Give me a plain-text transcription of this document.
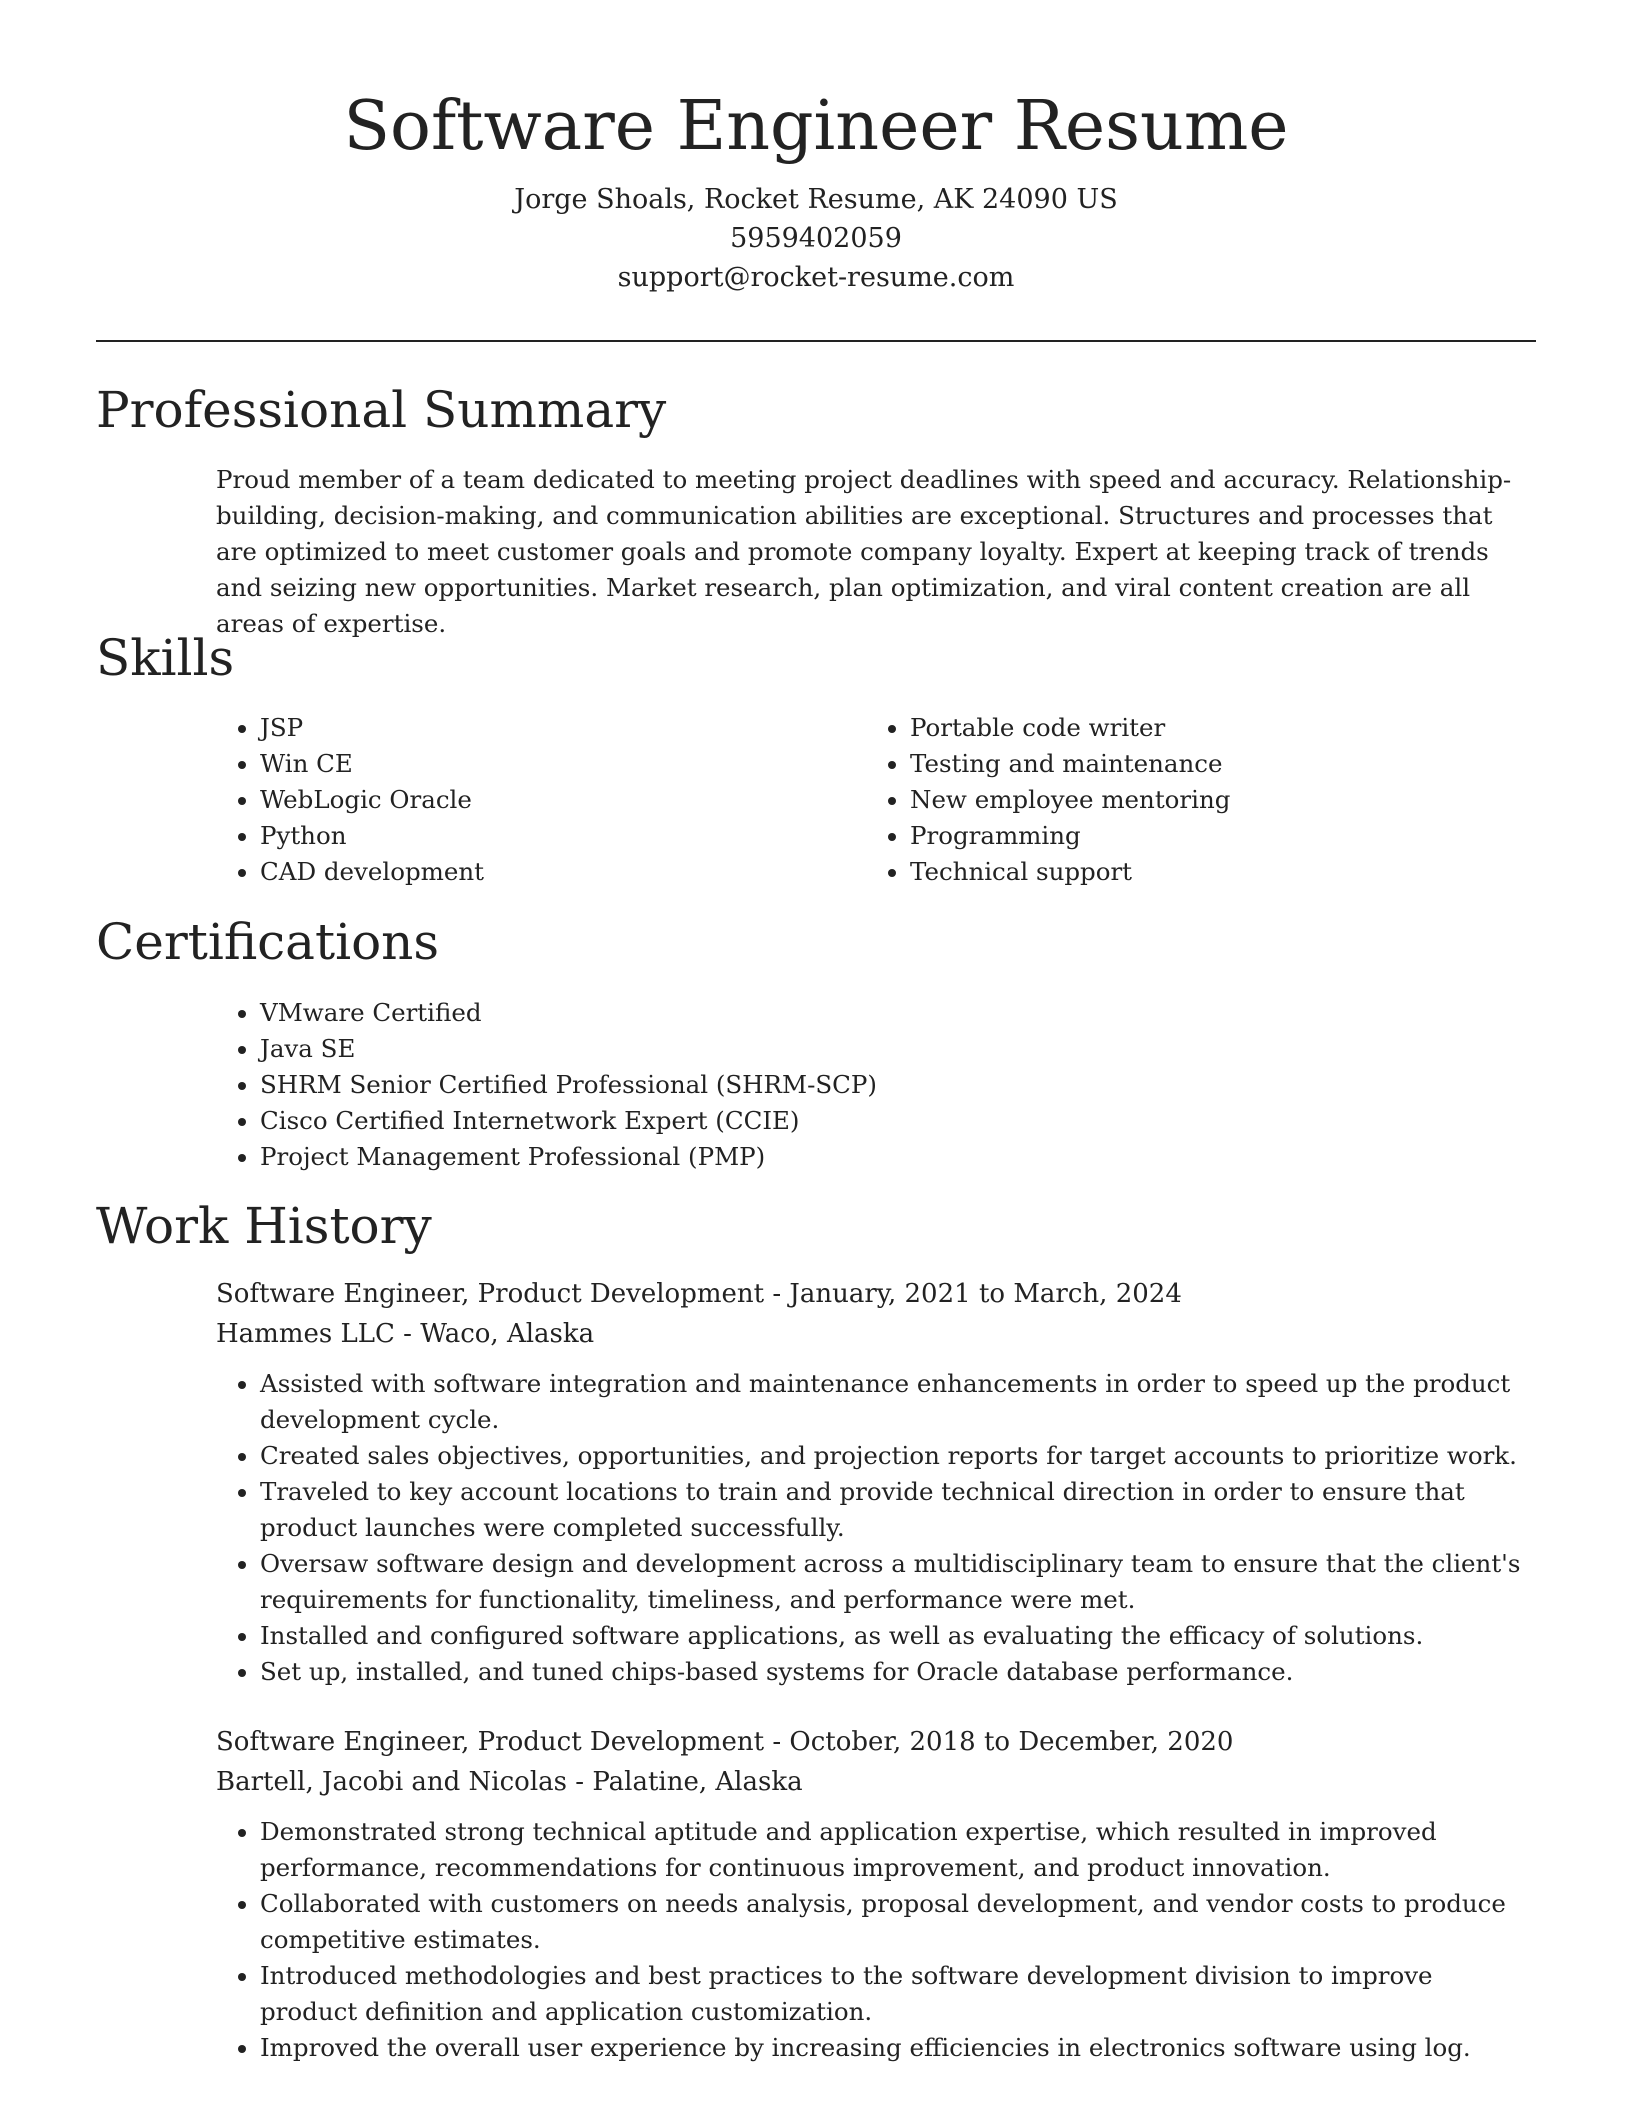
Software Engineer Resume

Jorge Shoals, Rocket Resume, AK 24090 US

5959402059

support@rocket-resume.com

Professional Summary

Proud member of a team dedicated to meeting project deadlines with speed and accuracy. Relationship-building, decision-making, and communication abilities are exceptional. Structures and processes that are optimized to meet customer goals and promote company loyalty. Expert at keeping track of trends and seizing new opportunities. Market research, plan optimization, and viral content creation are all areas of expertise.

Skills
• JSP
• Win CE
• WebLogic Oracle
• Python
• CAD development
• Portable code writer
• Testing and maintenance
• New employee mentoring
• Programming
• Technical support
Certifications
• VMware Certified
• Java SE
• SHRM Senior Certified Professional (SHRM-SCP)
• Cisco Certified Internetwork Expert (CCIE)
• Project Management Professional (PMP)
Work History

Software Engineer, Product Development - January, 2021 to March, 2024

Hammes LLC - Waco, Alaska

• Assisted with software integration and maintenance enhancements in order to speed up the product development cycle.
• Created sales objectives, opportunities, and projection reports for target accounts to prioritize work.
• Traveled to key account locations to train and provide technical direction in order to ensure that product launches were completed successfully.
• Oversaw software design and development across a multidisciplinary team to ensure that the client's requirements for functionality, timeliness, and performance were met.
• Installed and configured software applications, as well as evaluating the efficacy of solutions.
• Set up, installed, and tuned chips-based systems for Oracle database performance.

Software Engineer, Product Development - October, 2018 to December, 2020

Bartell, Jacobi and Nicolas - Palatine, Alaska

• Demonstrated strong technical aptitude and application expertise, which resulted in improved performance, recommendations for continuous improvement, and product innovation.
• Collaborated with customers on needs analysis, proposal development, and vendor costs to produce competitive estimates.
• Introduced methodologies and best practices to the software development division to improve product definition and application customization.
• Improved the overall user experience by increasing efficiencies in electronics software using log.
